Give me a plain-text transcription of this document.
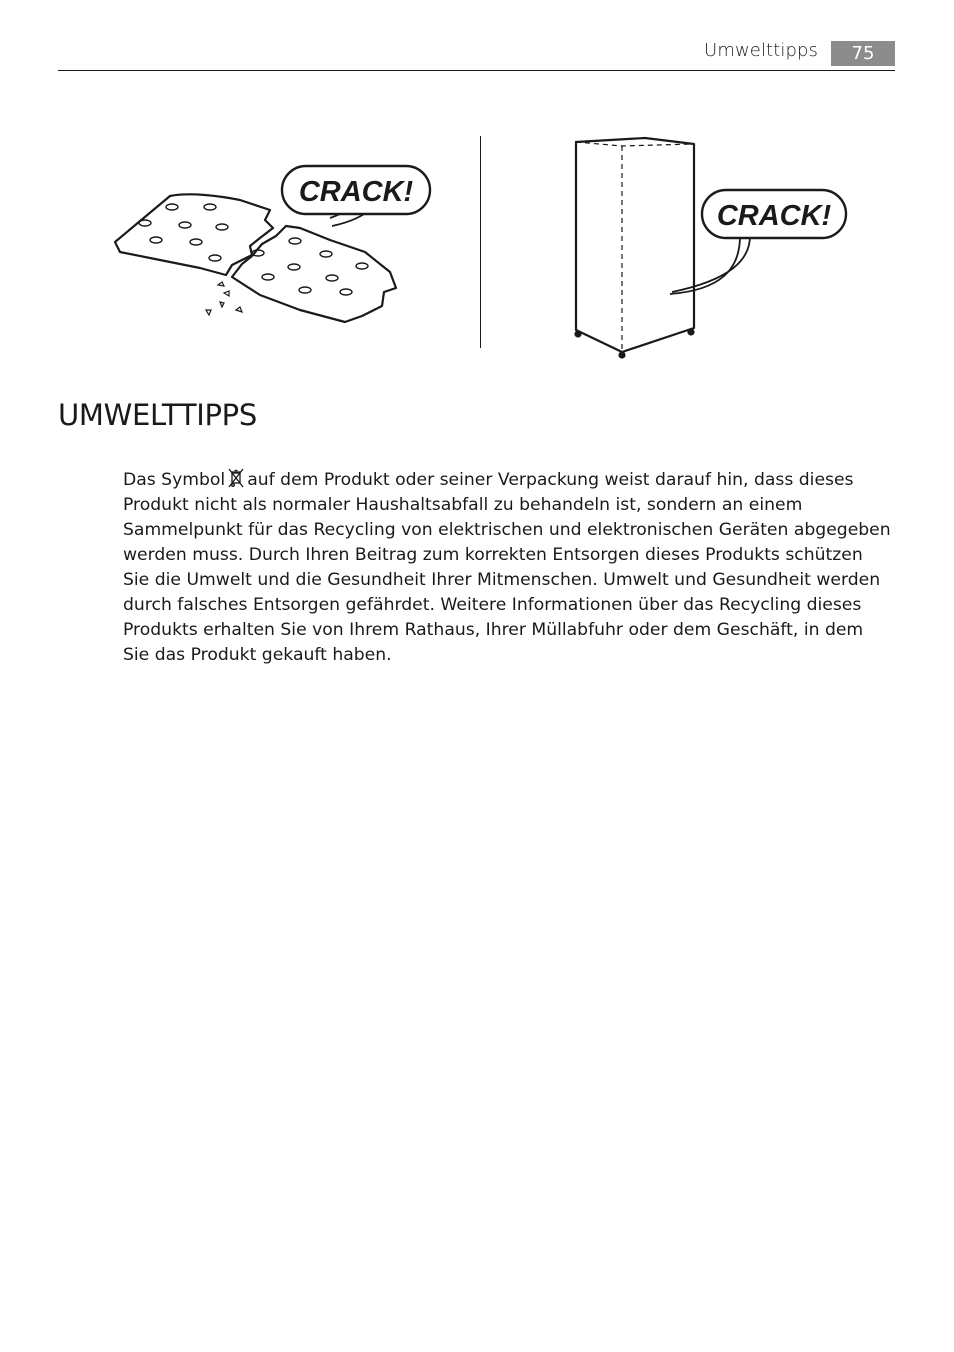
Umwelttipps	75
CRACK!
CRACK!
UMWELTTIPPS
Das Symbol auf dem Produkt oder seiner Verpackung weist darauf hin, dass dieses Produkt nicht als normaler Haushaltsabfall zu behandeln ist, sondern an einem Sammelpunkt für das Recycling von elektrischen und elektronischen Geräten abgegeben werden muss. Durch Ihren Beitrag zum korrekten Entsorgen dieses Produkts schützen Sie die Umwelt und die Gesundheit Ihrer Mitmenschen. Umwelt und Gesundheit werden durch falsches Entsorgen gefährdet. Weitere Informationen über das Recycling dieses Produkts erhalten Sie von Ihrem Rathaus, Ihrer Müllabfuhr oder dem Geschäft, in dem Sie das Produkt gekauft haben.
